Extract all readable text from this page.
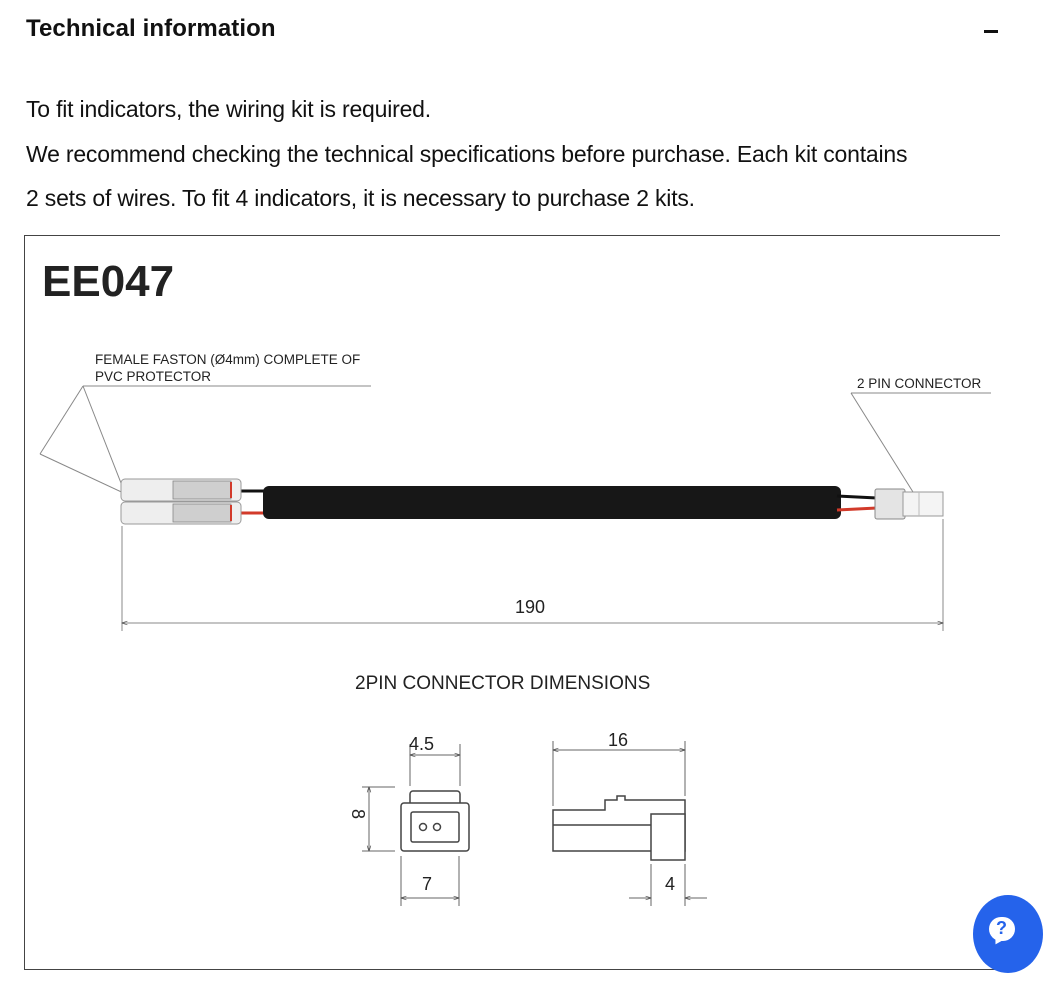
Technical information
To fit indicators, the wiring kit is required.
We recommend checking the technical specifications before purchase. Each kit contains
2 sets of wires. To fit 4 indicators, it is necessary to purchase 2 kits.
EE047
FEMALE FASTON (Ø4mm) COMPLETE OF
PVC PROTECTOR	2 PIN CONNECTOR
190
2PIN CONNECTOR DIMENSIONS
4.5
8
7
16
4
?
